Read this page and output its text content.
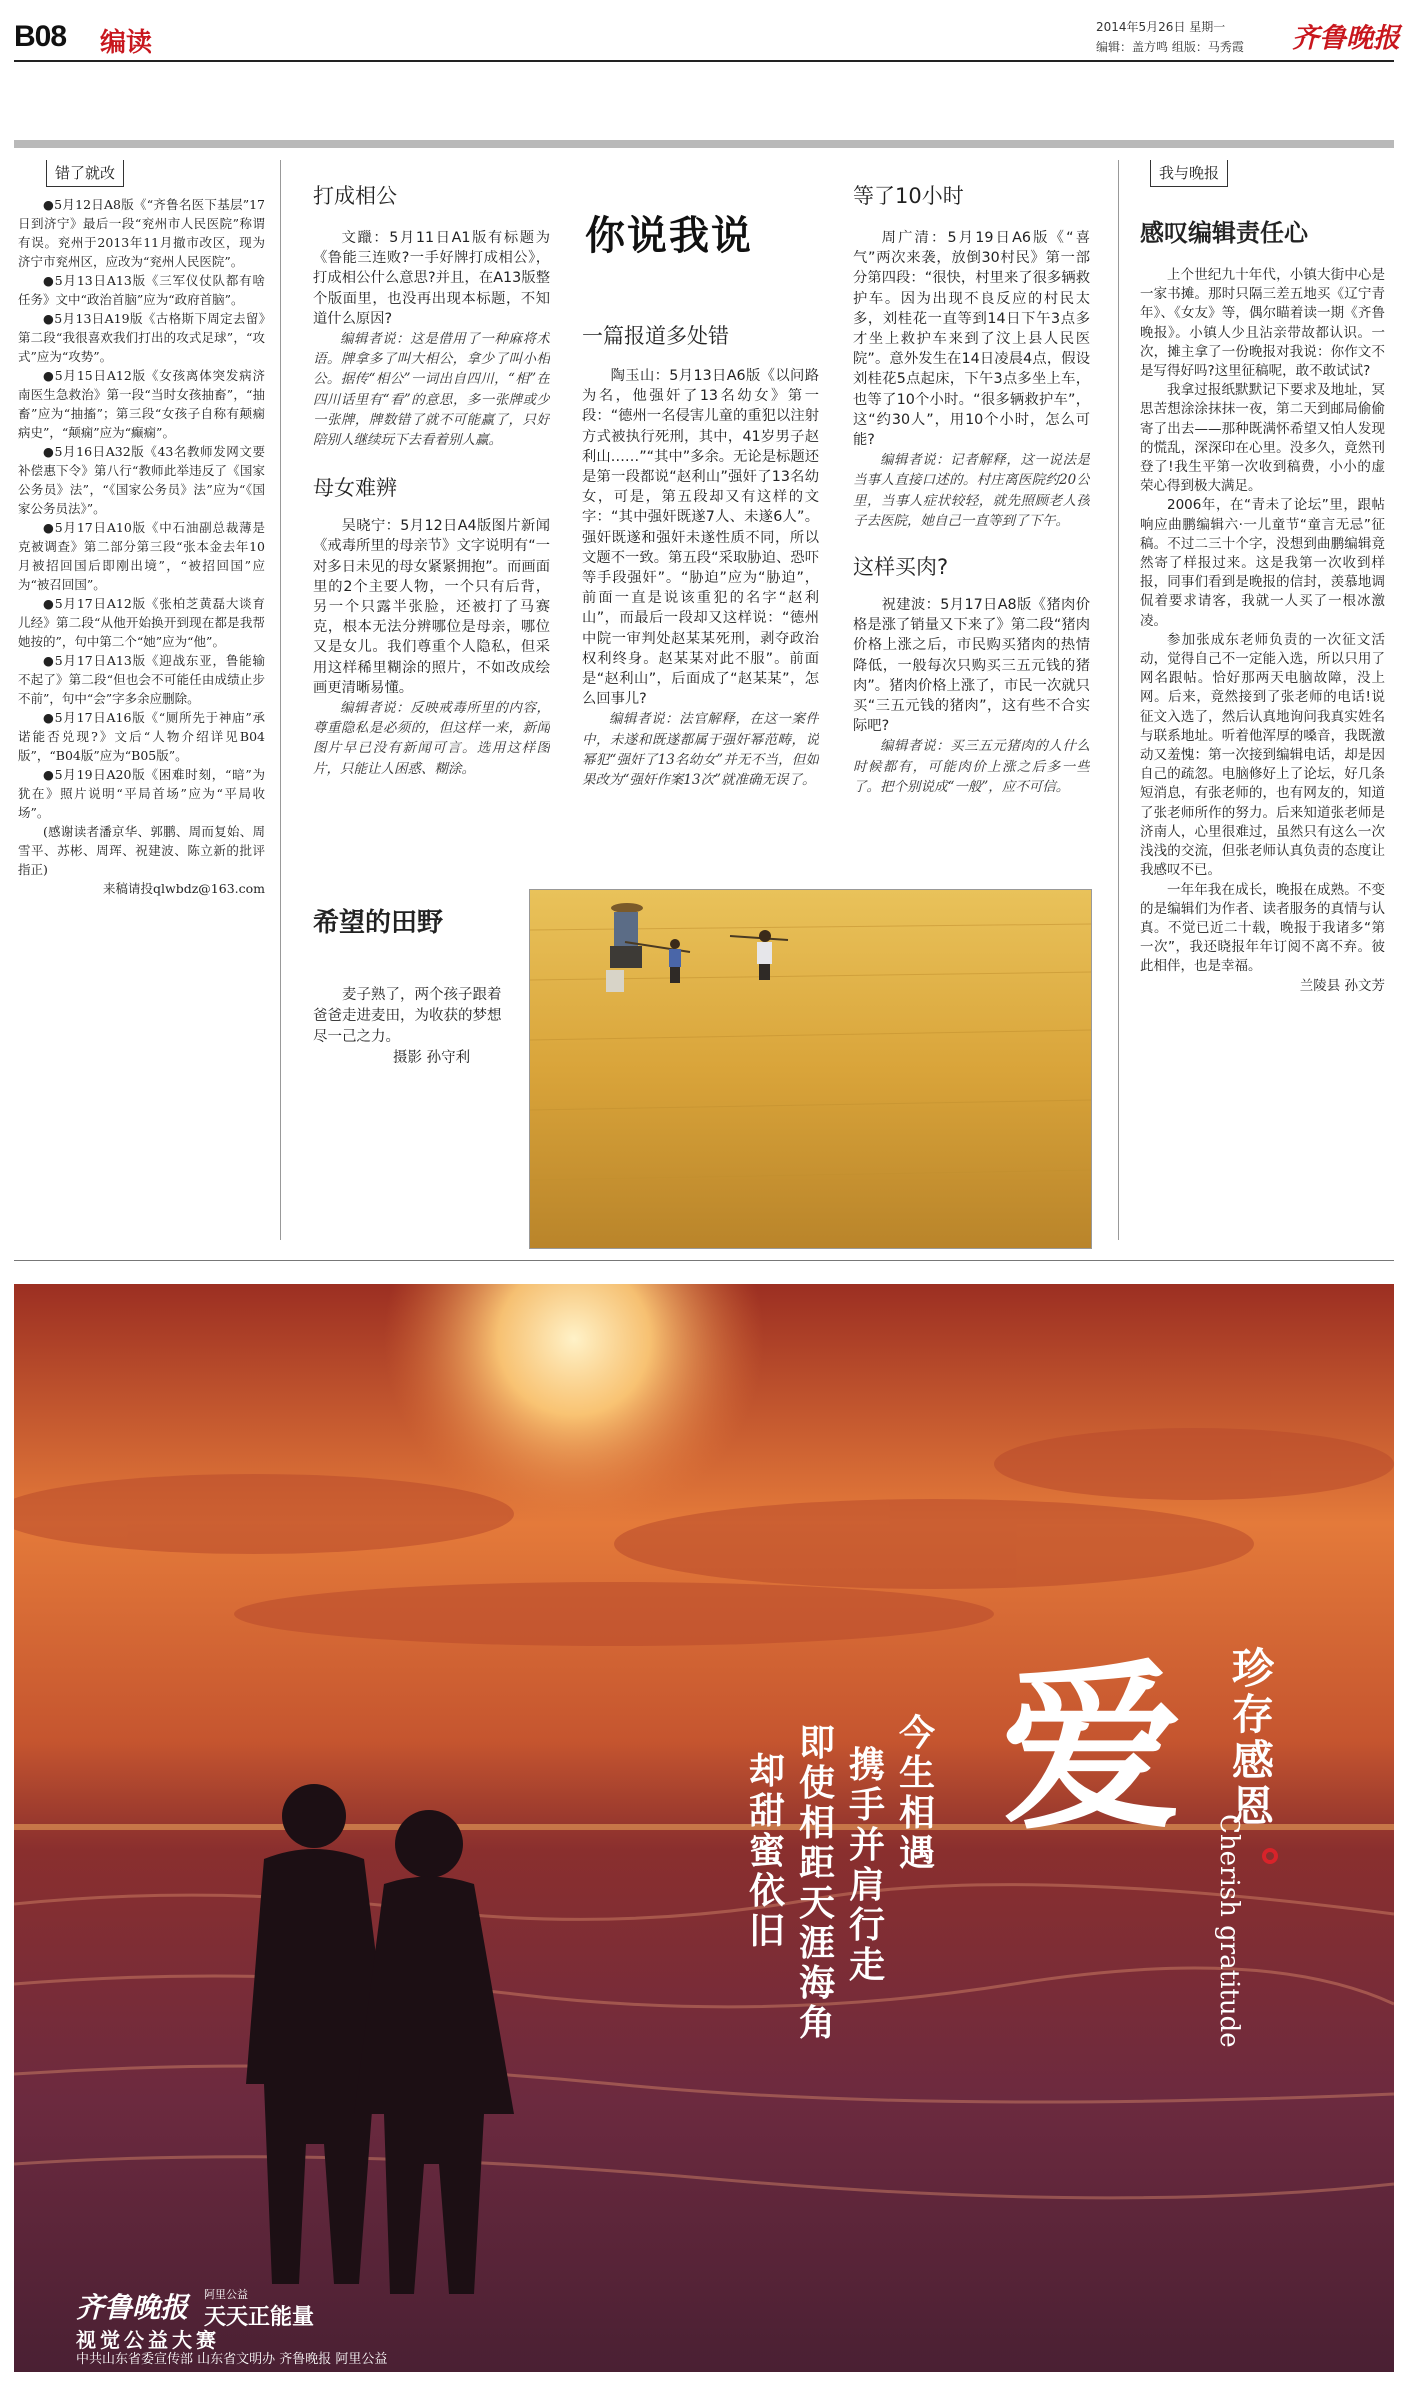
B08 编读
2014年5月26日 星期一
编辑：盖方鸣 组版：马秀霞 齐鲁晚报
错了就改

●5月12日A8版《“齐鲁名医下基层”17日到济宁》最后一段“兖州市人民医院”称谓有误。兖州于2013年11月撤市改区，现为济宁市兖州区，应改为“兖州人民医院”。

●5月13日A13版《三军仪仗队都有啥任务》文中“政治首脑”应为“政府首脑”。

●5月13日A19版《古格斯下周定去留》第二段“我很喜欢我们打出的攻式足球”，“攻式”应为“攻势”。

●5月15日A12版《女孩离体突发病济南医生急救治》第一段“当时女孩抽畜”，“抽畜”应为“抽搐”；第三段“女孩子自称有颠痫病史”，“颠痫”应为“癫痫”。

●5月16日A32版《43名教师发网文要补偿惠下令》第八行“教师此举违反了《国家公务员》法”，“《国家公务员》法”应为“《国家公务员法》”。

●5月17日A10版《中石油副总裁薄是克被调查》第二部分第三段“张本金去年10月被招回国后即刚出境”，“被招回国”应为“被召回国”。

●5月17日A12版《张柏芝黄磊大谈育儿经》第二段“从他开始换开到现在都是我帮她按的”，句中第二个“她”应为“他”。

●5月17日A13版《迎战东亚，鲁能输不起了》第二段“但也会不可能任由成绩止步不前”，句中“会”字多余应删除。

●5月17日A16版《“厕所先于神庙”承诺能否兑现?》文后“人物介绍详见B04版”，“B04版”应为“B05版”。

●5月19日A20版《困难时刻，“暗”为犹在》照片说明“平局首场”应为“平局收场”。

(感谢读者潘京华、郭鹏、周而复始、周雪平、苏彬、周珲、祝建波、陈立新的批评指正)

来稿请投qlwbdz@163.com

打成相公

文躐：5月11日A1版有标题为《鲁能三连败?一手好牌打成相公》，打成相公什么意思?并且，在A13版整个版面里，也没再出现本标题，不知道什么原因?

编辑者说：这是借用了一种麻将术语。牌拿多了叫大相公，拿少了叫小相公。据传“相公”一词出自四川，“相”在四川话里有“看”的意思，多一张牌或少一张牌，牌数错了就不可能赢了，只好陪别人继续玩下去看着别人赢。

母女难辨

吴晓宁：5月12日A4版图片新闻《戒毒所里的母亲节》文字说明有“一对多日未见的母女紧紧拥抱”。而画面里的2个主要人物，一个只有后背，另一个只露半张脸，还被打了马赛克，根本无法分辨哪位是母亲，哪位又是女儿。我们尊重个人隐私，但采用这样稀里糊涂的照片，不如改成绘画更清晰易懂。

编辑者说：反映戒毒所里的内容，尊重隐私是必须的，但这样一来，新闻图片早已没有新闻可言。选用这样图片，只能让人困惑、糊涂。

你说我说
一篇报道多处错

陶玉山：5月13日A6版《以问路为名，他强奸了13名幼女》第一段：“德州一名侵害儿童的重犯以注射方式被执行死刑，其中，41岁男子赵利山……”“其中”多余。无论是标题还是第一段都说“赵利山”强奸了13名幼女，可是，第五段却又有这样的文字：“其中强奸既遂7人、未遂6人”。强奸既遂和强奸未遂性质不同，所以文题不一致。第五段“采取胁迫、恐吓等手段强奸”。“胁迫”应为“胁迫”，前面一直是说该重犯的名字“赵利山”，而最后一段却又这样说：“德州中院一审判处赵某某死刑，剥夺政治权利终身。赵某某对此不服”。前面是“赵利山”，后面成了“赵某某”，怎么回事儿?

编辑者说：法官解释，在这一案件中，未遂和既遂都属于强奸幂范畴，说幂犯“强奸了13名幼女”并无不当，但如果改为“强奸作案13次”就准确无误了。

等了10小时

周广清：5月19日A6版《“喜气”两次来袭，放倒30村民》第一部分第四段：“很快，村里来了很多辆救护车。因为出现不良反应的村民太多，刘桂花一直等到14日下午3点多才坐上救护车来到了汶上县人民医院”。意外发生在14日凌晨4点，假设刘桂花5点起床，下午3点多坐上车，也等了10个小时。“很多辆救护车”，这“约30人”，用10个小时，怎么可能?

编辑者说：记者解释，这一说法是当事人直接口述的。村庄离医院约20公里，当事人症状较轻，就先照顾老人孩子去医院，她自己一直等到了下午。

这样买肉?

祝建波：5月17日A8版《猪肉价格是涨了销量又下来了》第二段“猪肉价格上涨之后，市民购买猪肉的热情降低，一般每次只购买三五元钱的猪肉”。猪肉价格上涨了，市民一次就只买“三五元钱的猪肉”，这有些不合实际吧?

编辑者说：买三五元猪肉的人什么时候都有，可能肉价上涨之后多一些了。把个别说成“一般”，应不可信。

我与晚报
感叹编辑责任心

上个世纪九十年代，小镇大街中心是一家书摊。那时只隔三差五地买《辽宁青年》、《女友》等，偶尔瞄着读一期《齐鲁晚报》。小镇人少且沾亲带故都认识。一次，摊主拿了一份晚报对我说：你作文不是写得好吗?这里征稿呢，敢不敢试试?

我拿过报纸默默记下要求及地址，冥思苦想涂涂抹抹一夜，第二天到邮局偷偷寄了出去——那种既满怀希望又怕人发现的慌乱，深深印在心里。没多久，竟然刊登了!我生平第一次收到稿费，小小的虚荣心得到极大满足。

2006年，在“青未了论坛”里，跟帖响应曲鹏编辑六·一儿童节“童言无忌”征稿。不过二三十个字，没想到曲鹏编辑竟然寄了样报过来。这是我第一次收到样报，同事们看到是晚报的信封，羡慕地调侃着要求请客，我就一人买了一根冰激凌。

参加张成东老师负责的一次征文活动，觉得自己不一定能入选，所以只用了网名跟帖。恰好那两天电脑故障，没上网。后来，竟然接到了张老师的电话!说征文入选了，然后认真地询问我真实姓名与联系地址。听着他浑厚的嗓音，我既激动又羞愧：第一次接到编辑电话，却是因自己的疏忽。电脑修好上了论坛，好几条短消息，有张老师的，也有网友的，知道了张老师所作的努力。后来知道张老师是济南人，心里很难过，虽然只有这么一次浅浅的交流，但张老师认真负责的态度让我感叹不已。

一年年我在成长，晚报在成熟。不变的是编辑们为作者、读者服务的真情与认真。不觉已近二十载，晚报于我诸多“第一次”，我还晓报年年订阅不离不弃。彼此相伴，也是幸福。

兰陵县 孙文芳

希望的田野
麦子熟了，两个孩子跟着爸爸走进麦田，为收获的梦想尽一己之力。
摄影 孙守利
爱 珍存感恩
Cherish gratitude
今生相遇
携手并肩行走
即使相距天涯海角
却甜蜜依旧
齐鲁晚报 阿里公益
天天正能量
视觉公益大赛
中共山东省委宣传部 山东省文明办 齐鲁晚报 阿里公益
